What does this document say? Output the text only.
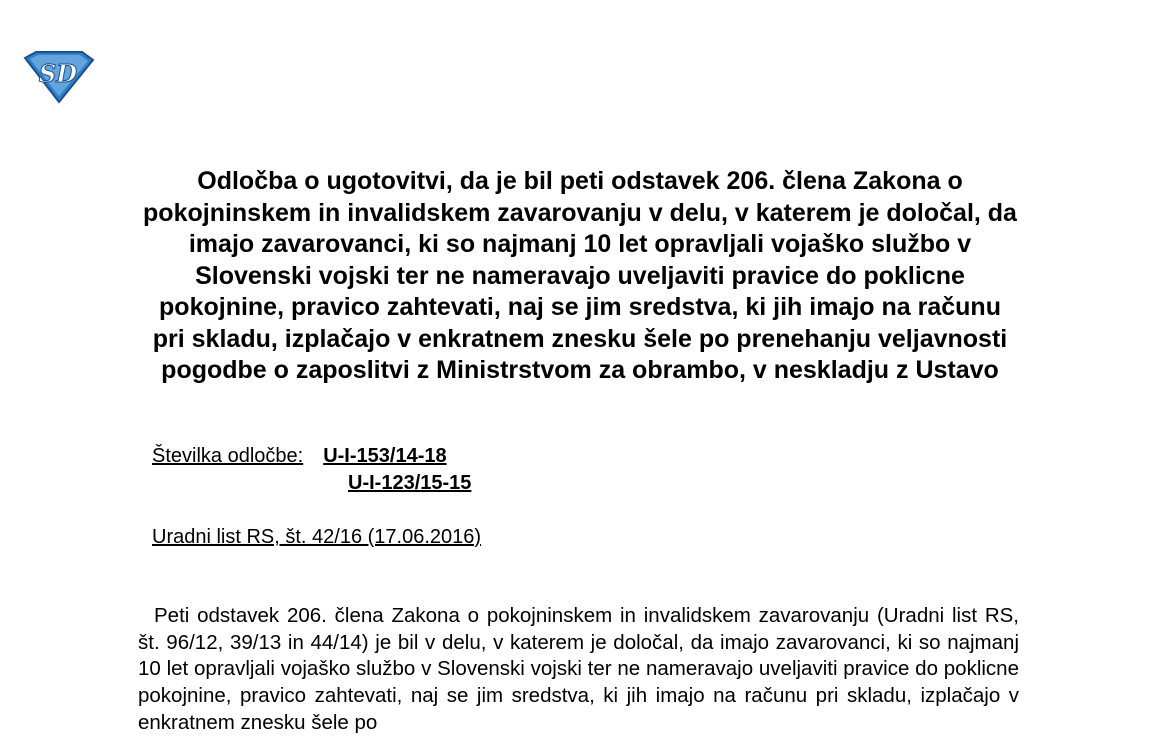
SD

Odločba o ugotovitvi, da je bil peti odstavek 206. člena Zakona o pokojninskem in invalidskem zavarovanju v delu, v katerem je določal, da imajo zavarovanci, ki so najmanj 10 let opravljali vojaško službo v Slovenski vojski ter ne nameravajo uveljaviti pravice do poklicne pokojnine, pravico zahtevati, naj se jim sredstva, ki jih imajo na računu pri skladu, izplačajo v enkratnem znesku šele po prenehanju veljavnosti pogodbe o zaposlitvi z Ministrstvom za obrambo, v neskladju z Ustavo

Številka odločbe: U-I-153/14-18
U-I-123/15-15
Uradni list RS, št. 42/16 (17.06.2016)

Peti odstavek 206. člena Zakona o pokojninskem in invalidskem zavarovanju (Uradni list RS, št. 96/12, 39/13 in 44/14) je bil v delu, v katerem je določal, da imajo zavarovanci, ki so najmanj 10 let opravljali vojaško službo v Slovenski vojski ter ne nameravajo uveljaviti pravice do poklicne pokojnine, pravico zahtevati, naj se jim sredstva, ki jih imajo na računu pri skladu, izplačajo v enkratnem znesku šele po
